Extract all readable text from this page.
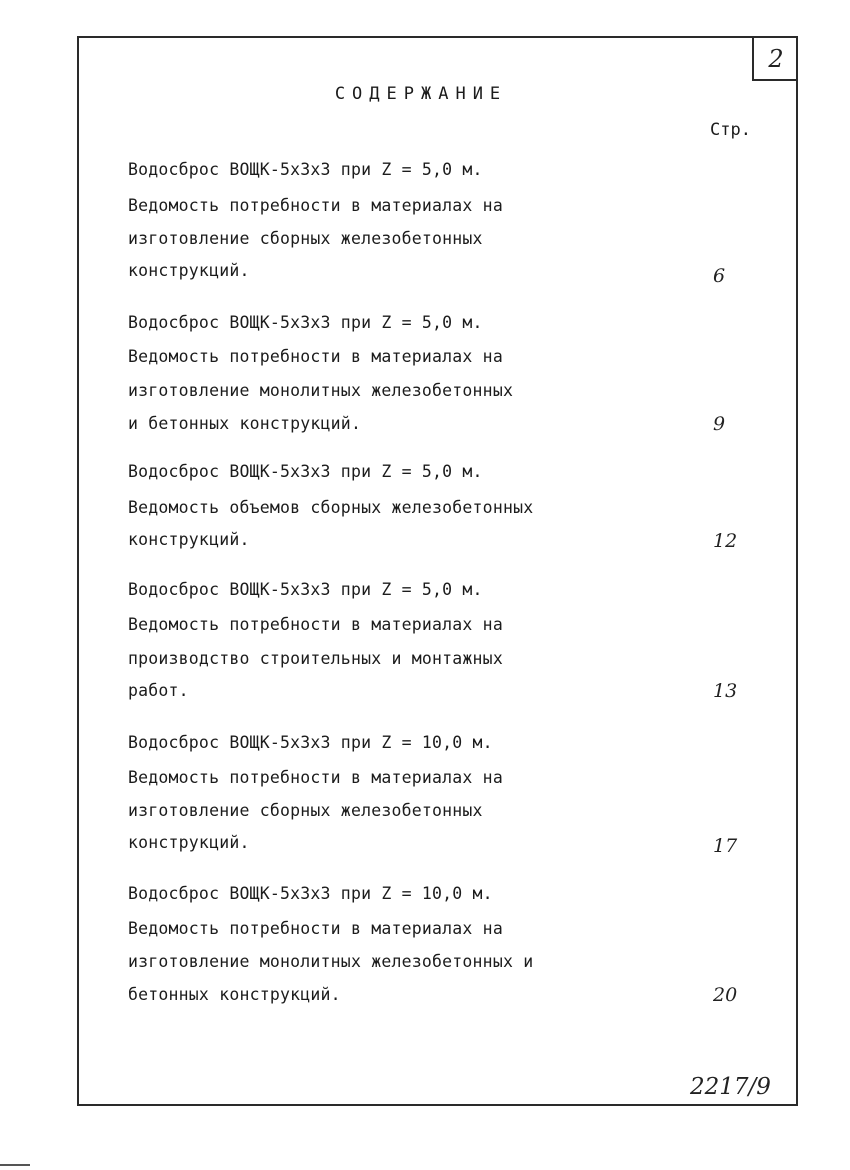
2
СОДЕРЖАНИЕ
Стр.
Водосброс ВОЩК-5х3х3 при Z = 5,0 м.
Ведомость потребности в материалах на
изготовление сборных железобетонных
конструкций.	6
Водосброс ВОЩК-5х3х3 при Z = 5,0 м.
Ведомость потребности в материалах на
изготовление монолитных железобетонных
и бетонных конструкций.	9
Водосброс ВОЩК-5х3х3 при Z = 5,0 м.
Ведомость объемов сборных железобетонных
конструкций.	12
Водосброс ВОЩК-5х3х3 при Z = 5,0 м.
Ведомость потребности в материалах на
производство строительных и монтажных
работ.	13
Водосброс ВОЩК-5х3х3 при Z = 10,0 м.
Ведомость потребности в материалах на
изготовление сборных железобетонных
конструкций.	17
Водосброс ВОЩК-5х3х3 при Z = 10,0 м.
Ведомость потребности в материалах на
изготовление монолитных железобетонных и
бетонных конструкций.	20
2217/9
